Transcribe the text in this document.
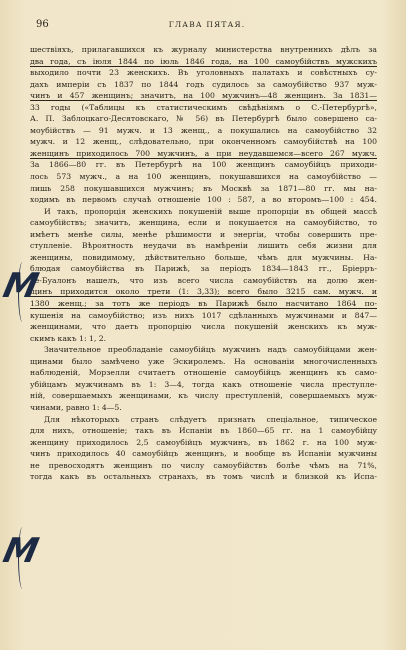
96	ГЛАВА ПЯТАЯ.
шествіяхъ, прилагавшихся къ журналу министерства внутреннихъ дѣлъ за
два года, съ іюля 1844 по іюль 1846 года, на 100 самоубійствъ мужскихъ
выходило почти 23 женскихъ. Въ уголовныхъ палатахъ и совѣстныхъ су-
дахъ имперіи съ 1837 по 1844 годъ судилось за самоубійство 937 муж-
чинъ и 457 женщинъ; значитъ, на 100 мужчинъ—48 женщинъ. За 1831—
33 годы («Таблицы къ статистическимъ свѣдѣніямъ о С.-Петербургѣ»,
А. П. Заблоцкаго-Десятовскаго, № 56) въ Петербургѣ было совершено са-
моубійствъ — 91 мужч. и 13 женщ., а покушались на самоубійство 32
мужч. и 12 женщ., слѣдовательно, при оконченномъ самоубійствѣ на 100
женщинъ приходилось 700 мужчинъ, а при неудавшемся—всего 267 мужч.
За 1866—80 гг. въ Петербургѣ на 100 женщинъ самоубійцъ приходи-
лось 573 мужч., а на 100 женщинъ, покушавшихся на самоубійство —
лишь 258 покушавшихся мужчинъ; въ Москвѣ за 1871—80 гг. мы на-
ходимъ въ первомъ случаѣ отношеніе 100 : 587, а во второмъ—100 : 454.
И такъ, пропорція женскихъ покушеній выше пропорціи въ общей массѣ
самоубійствъ; значитъ, женщина, если и покушается на самоубійство, то
имѣетъ менѣе силы, менѣе рѣшимости и энергіи, чтобы совершить пре-
ступленіе. Вѣроятность неудачи въ намѣреніи лишить себя жизни для
женщины, повидимому, дѣйствительно больше, чѣмъ для мужчины. На-
блюдая самоубійства въ Парижѣ, за періодъ 1834—1843 гг., Бріерръ-
де-Буалонъ нашелъ, что изъ всего числа самоубійствъ на долю жен-
щинъ приходится около трети (1: 3,33); всего было 3215 сам. мужч. и
1380 женщ.; за тотъ же періодъ въ Парижѣ было насчитано 1864 по-
кушенія на самоубійство; изъ нихъ 1017 сдѣланныхъ мужчинами и 847—
женщинами, что даетъ пропорцію числа покушеній женскихъ къ муж-
скимъ какъ 1: 1, 2.
Значительное преобладаніе самоубійцъ мужчинъ надъ самоубійцами жен-
щинами было замѣчено уже Эскиролемъ. На основаніи многочисленныхъ
наблюденій, Морзелли считаетъ отношеніе самоубійцъ женщинъ къ само-
убійцамъ мужчинамъ въ 1: 3—4, тогда какъ отношеніе числа преступле-
ній, совершаемыхъ женщинами, къ числу преступленій, совершаемыхъ муж-
чинами, равно 1: 4—5.
Для нѣкоторыхъ странъ слѣдуетъ признать спеціальное, типическое
для нихъ, отношеніе; такъ въ Испаніи въ 1860—65 гг. на 1 самоубійцу
женщину приходилось 2,5 самоубійцъ мужчинъ, въ 1862 г. на 100 муж-
чинъ приходилось 40 самоубійцъ женщинъ, и вообще въ Испаніи мужчины
не превосходятъ женщинъ по числу самоубійствъ болѣе чѣмъ на 71%,
тогда какъ въ остальныхъ странахъ, въ томъ числѣ и близкой къ Испа-
M
M
